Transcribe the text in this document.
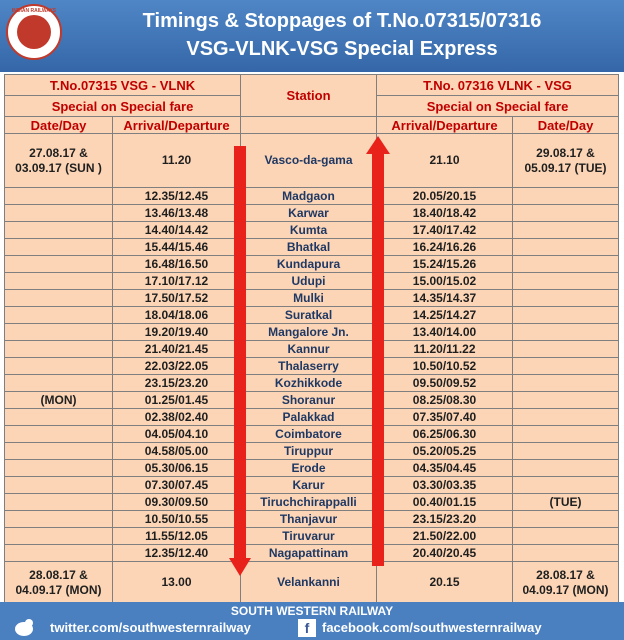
INDIAN RAILWAYS	Timings & Stoppages of T.No.07315/07316
VSG-VLNK-VSG Special Express
T.No.07315 VSG - VLNK		Station	T.No. 07316 VLNK - VSG	
Special on Special fare			Special on Special fare	
Date/Day	Arrival/Departure		Arrival/Departure	Date/Day
27.08.17 & 03.09.17 (SUN )	11.20	Vasco-da-gama	21.10	29.08.17 & 05.09.17 (TUE)
	12.35/12.45	Madgaon	20.05/20.15	
	13.46/13.48	Karwar	18.40/18.42	
	14.40/14.42	Kumta	17.40/17.42	
	15.44/15.46	Bhatkal	16.24/16.26	
	16.48/16.50	Kundapura	15.24/15.26	
	17.10/17.12	Udupi	15.00/15.02	
	17.50/17.52	Mulki	14.35/14.37	
	18.04/18.06	Suratkal	14.25/14.27	
	19.20/19.40	Mangalore Jn.	13.40/14.00	
	21.40/21.45	Kannur	11.20/11.22	
	22.03/22.05	Thalaserry	10.50/10.52	
	23.15/23.20	Kozhikkode	09.50/09.52	
(MON)	01.25/01.45	Shoranur	08.25/08.30	
	02.38/02.40	Palakkad	07.35/07.40	
	04.05/04.10	Coimbatore	06.25/06.30	
	04.58/05.00	Tiruppur	05.20/05.25	
	05.30/06.15	Erode	04.35/04.45	
	07.30/07.45	Karur	03.30/03.35	
	09.30/09.50	Tiruchchirappalli	00.40/01.15	(TUE)
	10.50/10.55	Thanjavur	23.15/23.20	
	11.55/12.05	Tiruvarur	21.50/22.00	
	12.35/12.40	Nagapattinam	20.40/20.45	
28.08.17 & 04.09.17 (MON)	13.00	Velankanni	20.15	28.08.17 & 04.09.17 (MON)
SOUTH WESTERN RAILWAY
twitter.com/southwesternrailway	f facebook.com/southwesternrailway
